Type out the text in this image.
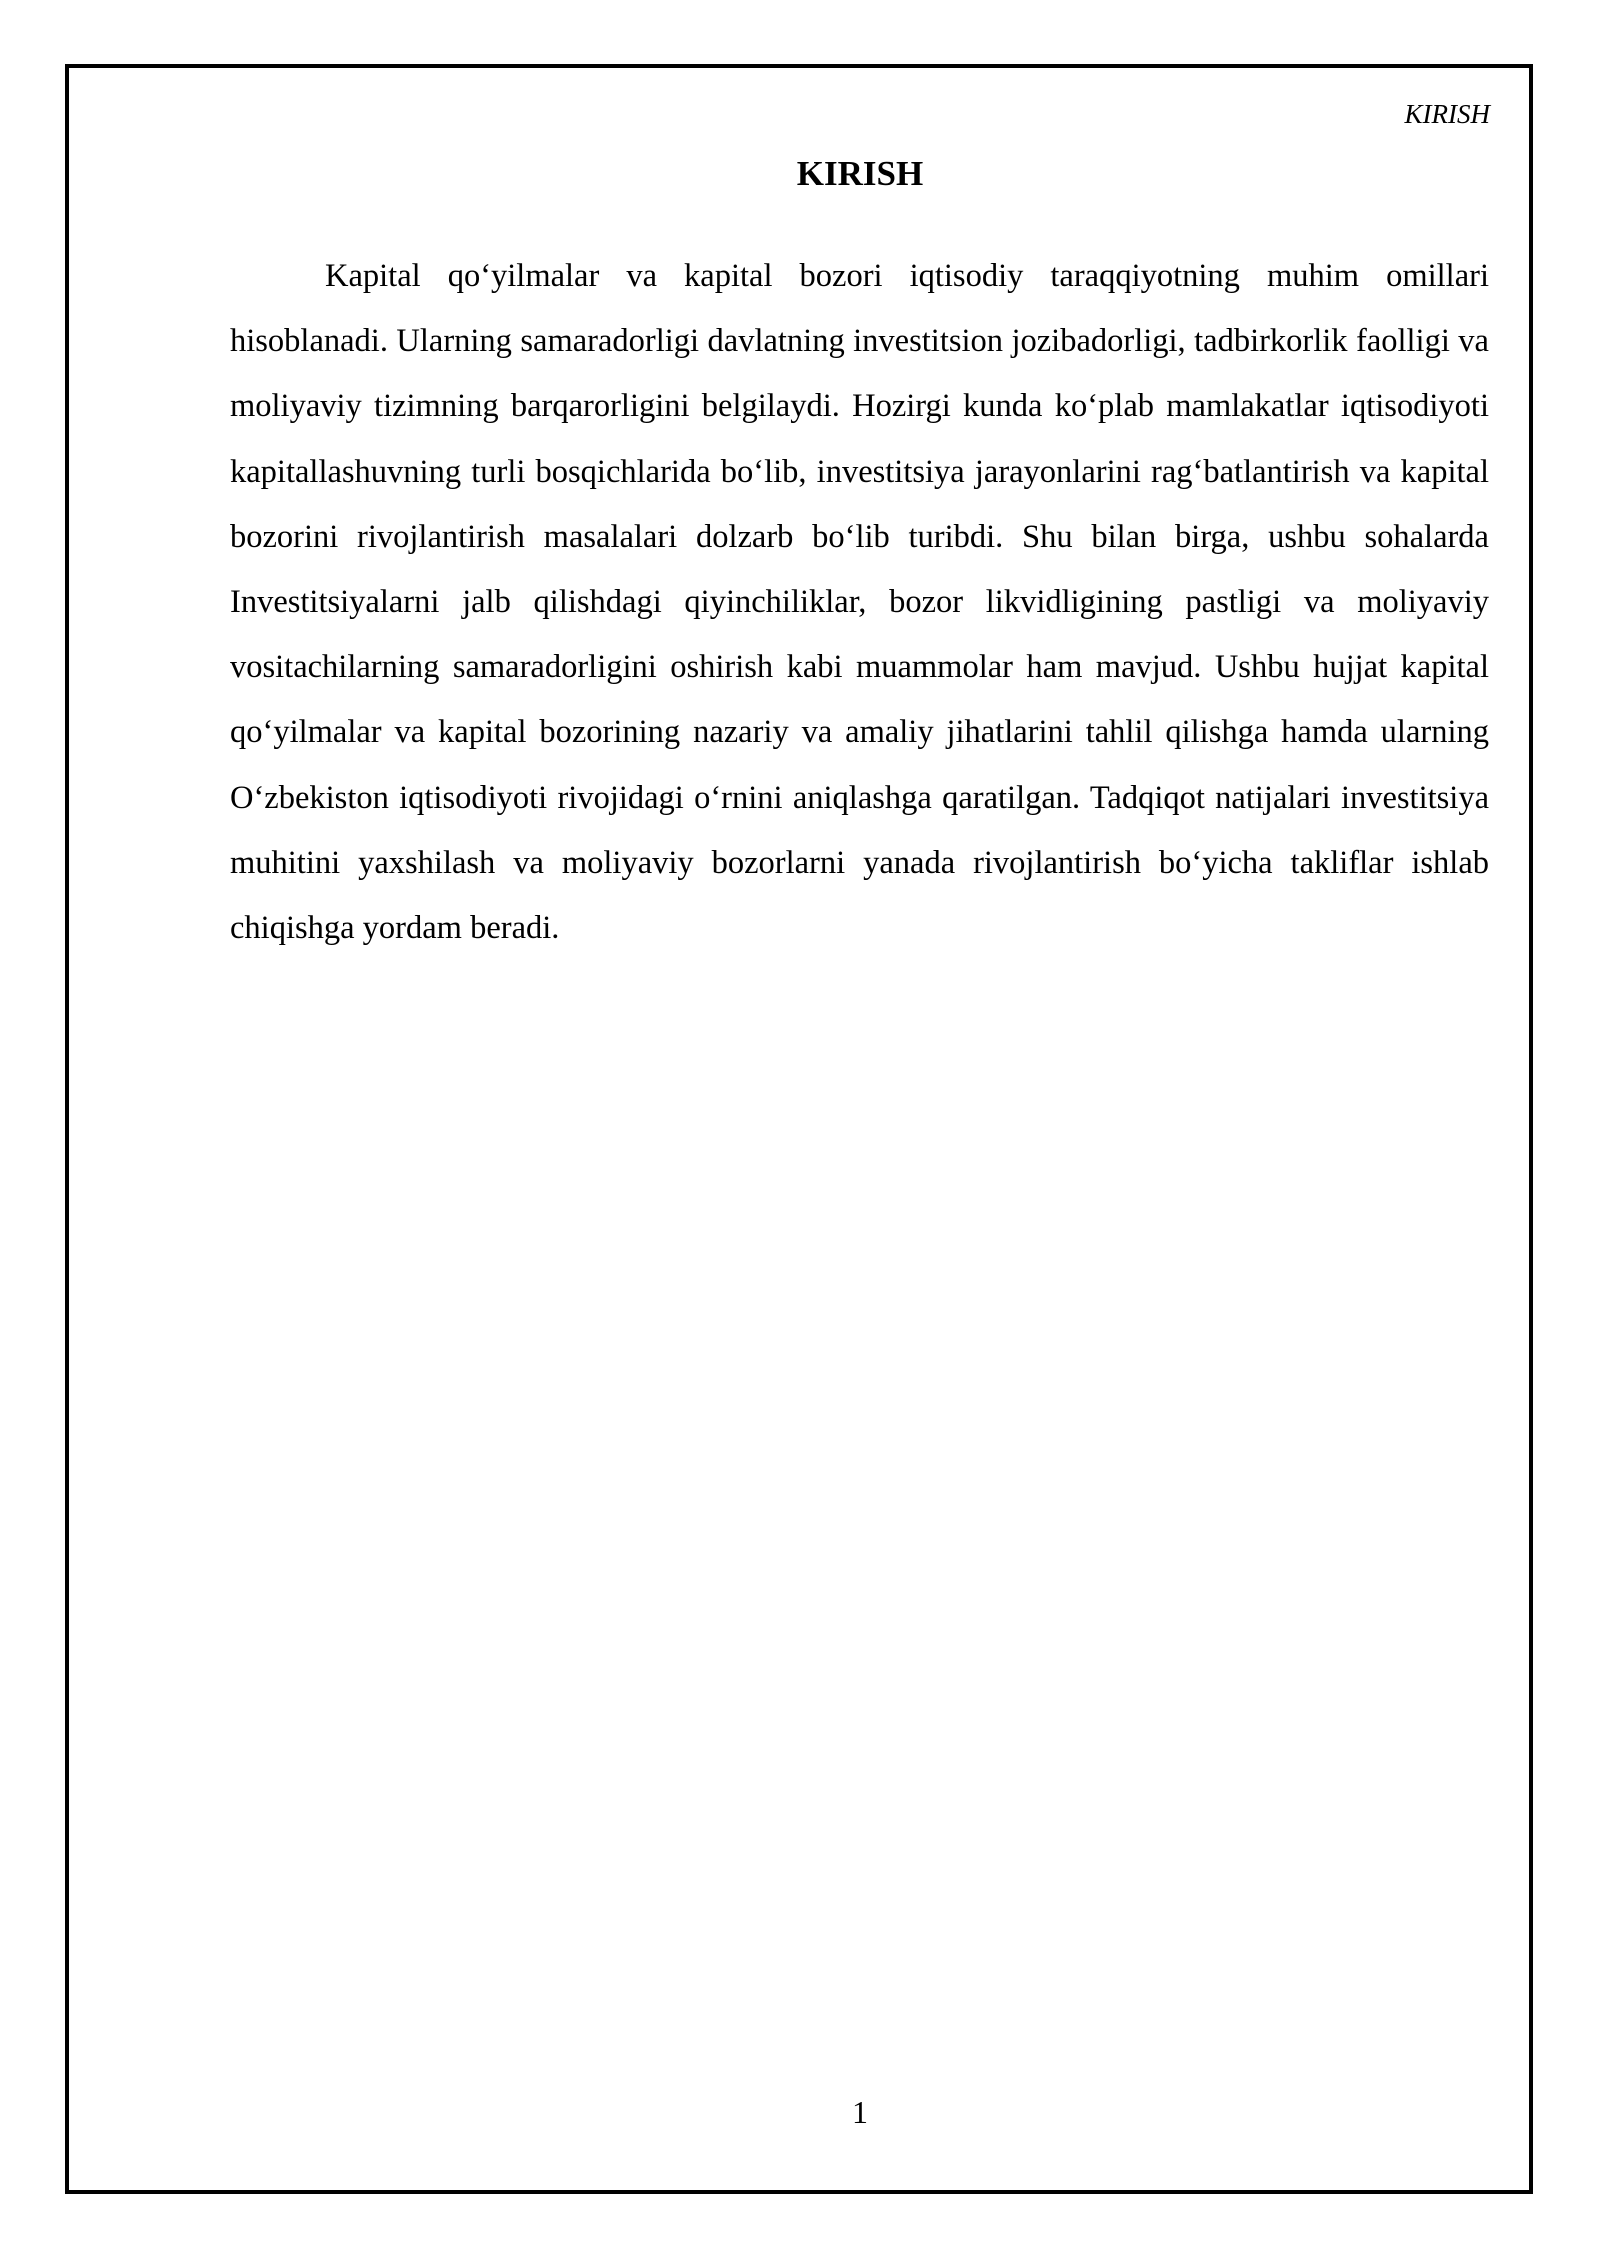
KIRISH
KIRISH

Kapital qo‘yilmalar va kapital bozori iqtisodiy taraqqiyotning muhim omillari hisoblanadi. Ularning samaradorligi davlatning investitsion jozibadorligi, tadbirkorlik faolligi va moliyaviy tizimning barqarorligini belgilaydi. Hozirgi kunda ko‘plab mamlakatlar iqtisodiyoti kapitallashuvning turli bosqichlarida bo‘lib, investitsiya jarayonlarini rag‘batlantirish va kapital bozorini rivojlantirish masalalari dolzarb bo‘lib turibdi. Shu bilan birga, ushbu sohalarda Investitsiyalarni jalb qilishdagi qiyinchiliklar, bozor likvidligining pastligi va moliyaviy vositachilarning samaradorligini oshirish kabi muammolar ham mavjud. Ushbu hujjat kapital qo‘yilmalar va kapital bozorining nazariy va amaliy jihatlarini tahlil qilishga hamda ularning O‘zbekiston iqtisodiyoti rivojidagi o‘rnini aniqlashga qaratilgan. Tadqiqot natijalari investitsiya muhitini yaxshilash va moliyaviy bozorlarni yanada rivojlantirish bo‘yicha takliflar ishlab chiqishga yordam beradi.

1
